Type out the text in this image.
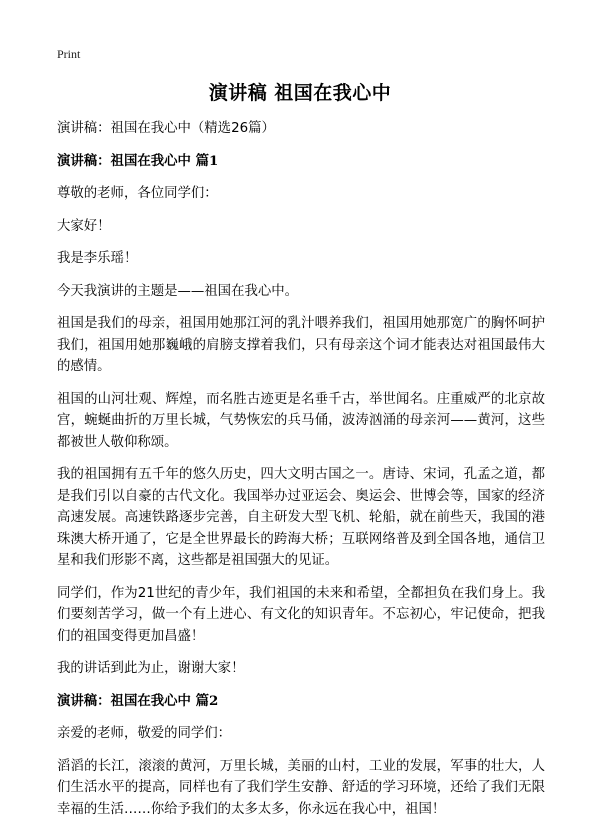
Print
演讲稿 祖国在我心中

演讲稿：祖国在我心中（精选26篇）

演讲稿：祖国在我心中 篇1

尊敬的老师，各位同学们：

大家好！

我是李乐瑶！

今天我演讲的主题是——祖国在我心中。

祖国是我们的母亲，祖国用她那江河的乳汁喂养我们，祖国用她那宽广的胸怀呵护我们，祖国用她那巍峨的肩膀支撑着我们，只有母亲这个词才能表达对祖国最伟大的感情。

祖国的山河壮观、辉煌，而名胜古迹更是名垂千古，举世闻名。庄重威严的北京故宫，蜿蜒曲折的万里长城，气势恢宏的兵马俑，波涛汹涌的母亲河——黄河，这些都被世人敬仰称颂。

我的祖国拥有五千年的悠久历史，四大文明古国之一。唐诗、宋词，孔孟之道，都是我们引以自豪的古代文化。我国举办过亚运会、奥运会、世博会等，国家的经济高速发展。高速铁路逐步完善，自主研发大型飞机、轮船，就在前些天，我国的港珠澳大桥开通了，它是全世界最长的跨海大桥；互联网络普及到全国各地，通信卫星和我们形影不离，这些都是祖国强大的见证。

同学们，作为21世纪的青少年，我们祖国的未来和希望，全都担负在我们身上。我们要刻苦学习，做一个有上进心、有文化的知识青年。不忘初心，牢记使命，把我们的祖国变得更加昌盛！

我的讲话到此为止，谢谢大家！

演讲稿：祖国在我心中 篇2

亲爱的老师，敬爱的同学们：

滔滔的长江，滚滚的黄河，万里长城，美丽的山村，工业的发展，军事的壮大，人们生活水平的提高，同样也有了我们学生安静、舒适的学习环境，还给了我们无限幸福的生活……你给予我们的太多太多，你永远在我心中，祖国！
